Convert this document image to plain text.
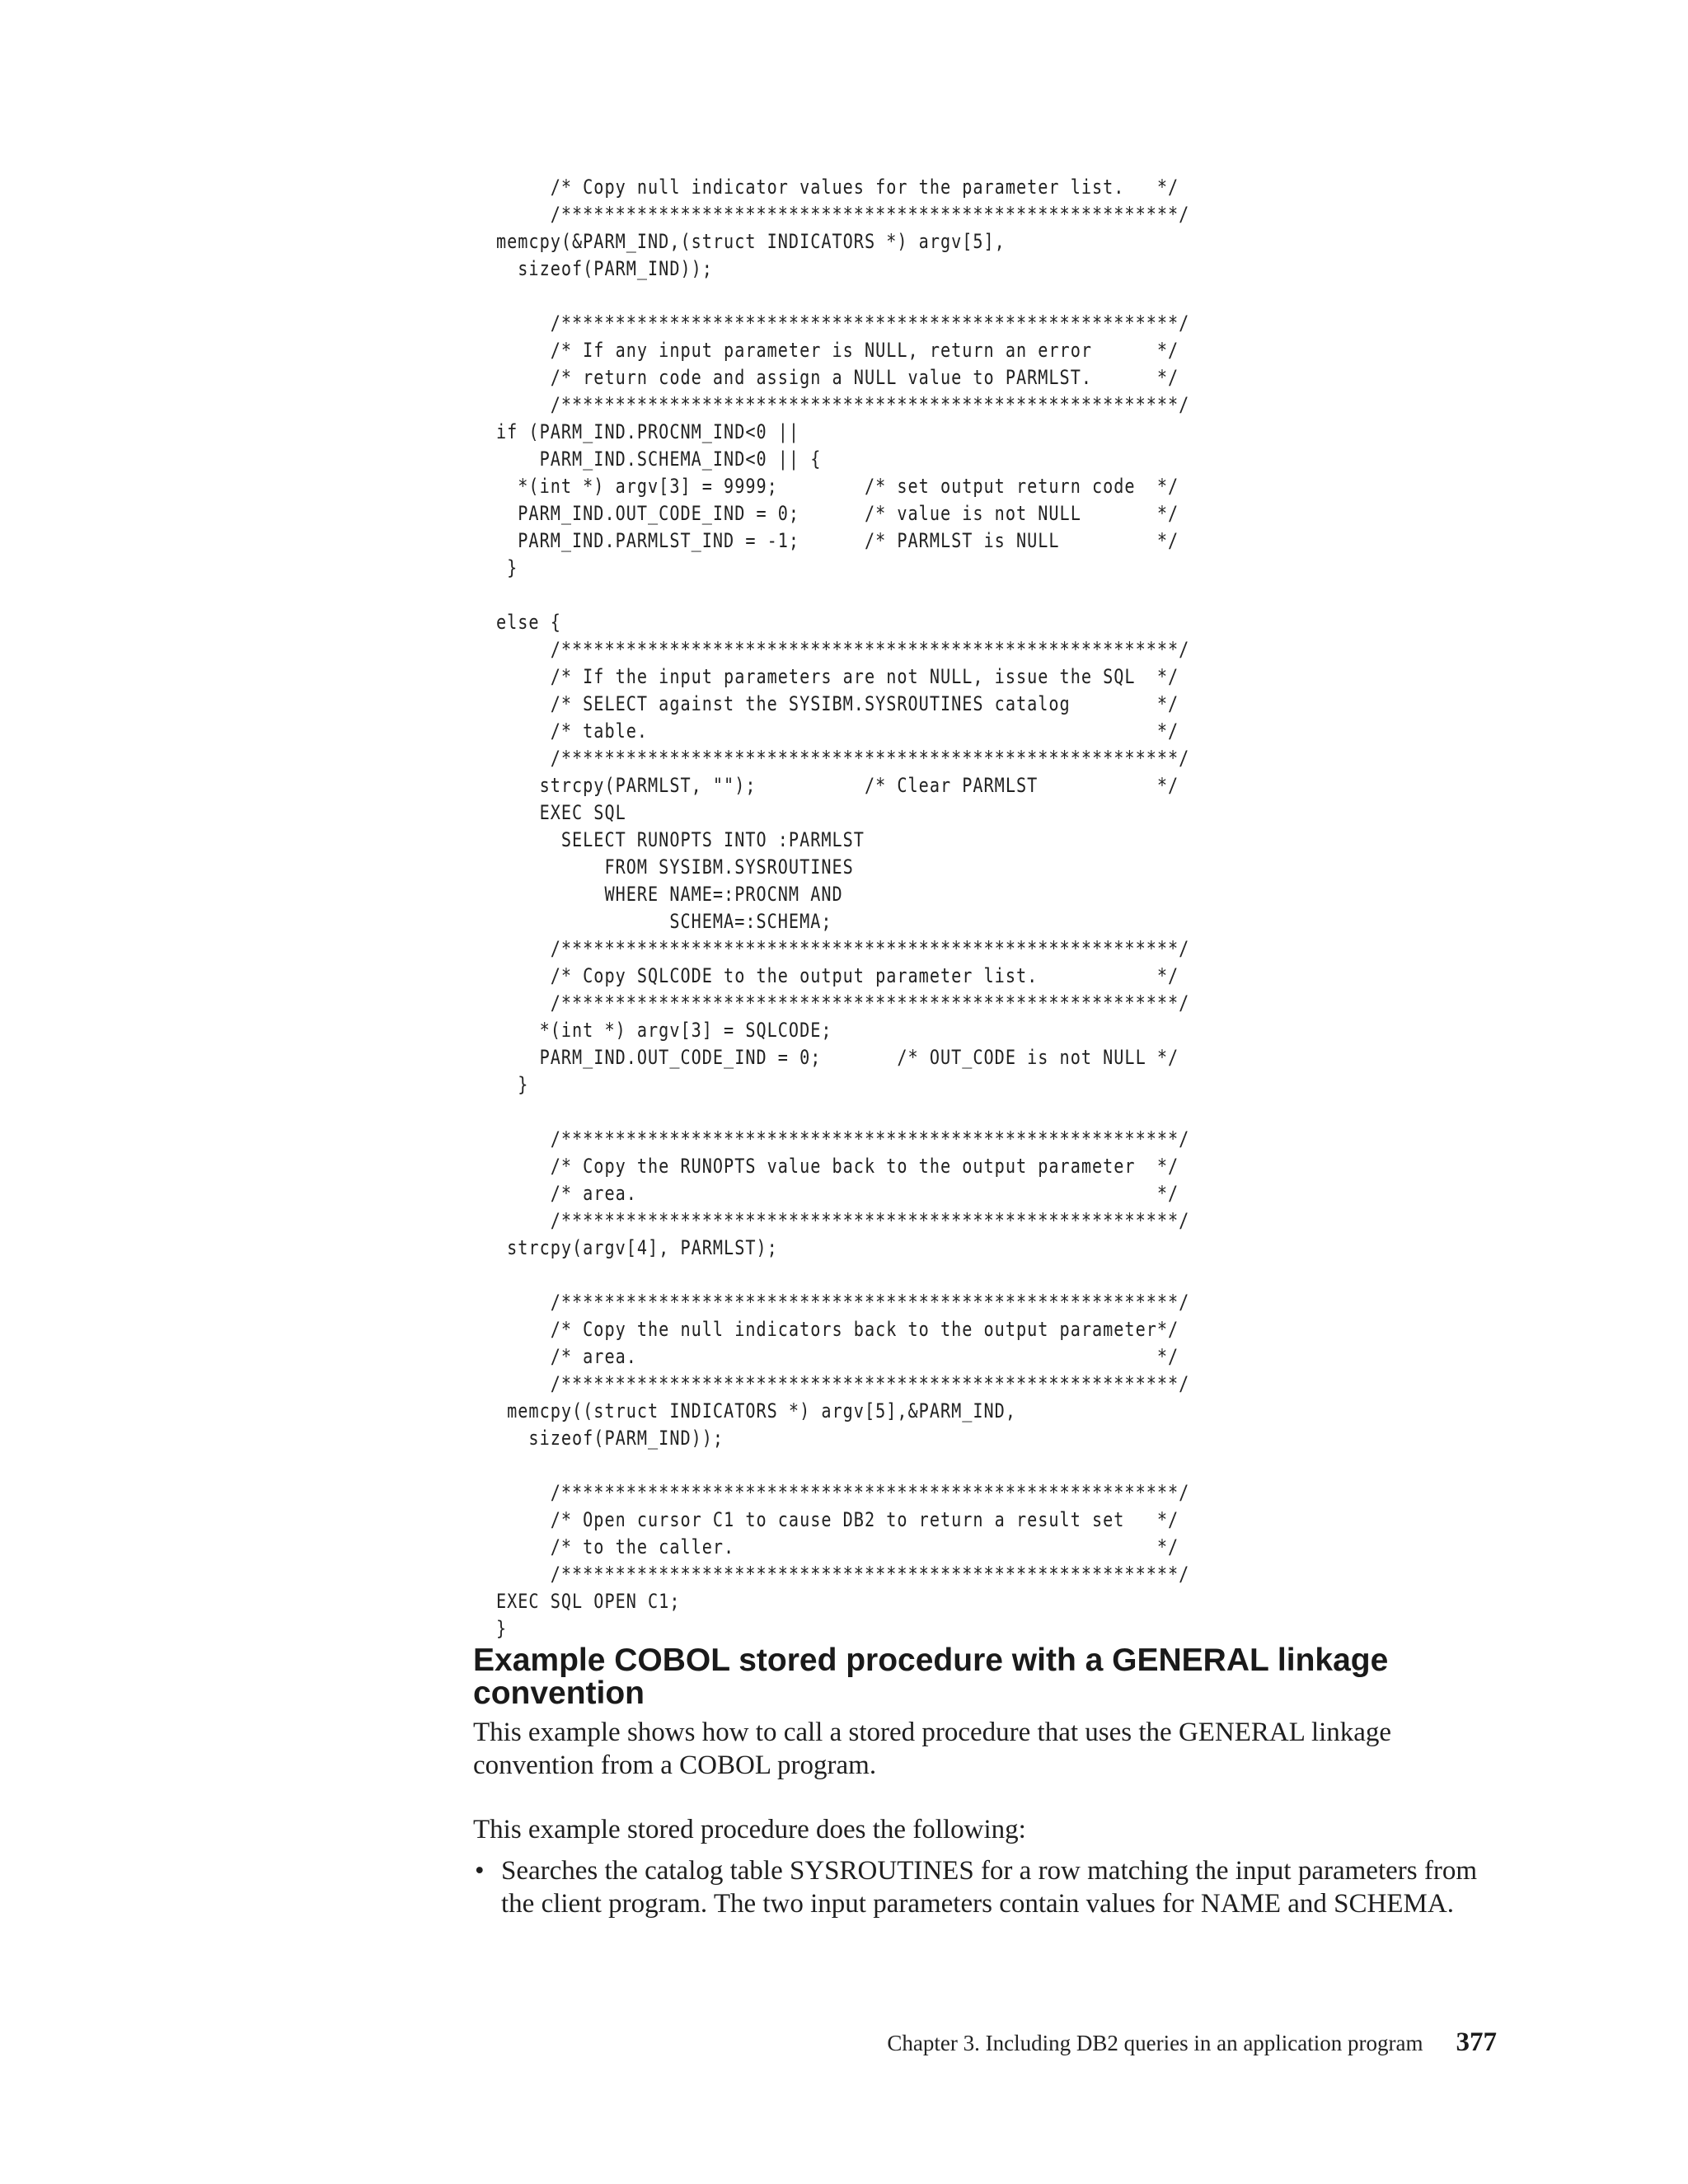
/* Copy null indicator values for the parameter list.   */
/*********************************************************/
memcpy(&PARM_IND,(struct INDICATORS *) argv[5],
sizeof(PARM_IND));
/*********************************************************/
/* If any input parameter is NULL, return an error      */
/* return code and assign a NULL value to PARMLST.      */
/*********************************************************/
if (PARM_IND.PROCNM_IND<0 ||
PARM_IND.SCHEMA_IND<0 || {
*(int *) argv[3] = 9999;        /* set output return code  */
PARM_IND.OUT_CODE_IND = 0;      /* value is not NULL       */
PARM_IND.PARMLST_IND = -1;      /* PARMLST is NULL         */
}
else {
/*********************************************************/
/* If the input parameters are not NULL, issue the SQL  */
/* SELECT against the SYSIBM.SYSROUTINES catalog        */
/* table.                                               */
/*********************************************************/
strcpy(PARMLST, "");          /* Clear PARMLST           */
EXEC SQL
SELECT RUNOPTS INTO :PARMLST
FROM SYSIBM.SYSROUTINES
WHERE NAME=:PROCNM AND
SCHEMA=:SCHEMA;
/*********************************************************/
/* Copy SQLCODE to the output parameter list.           */
/*********************************************************/
*(int *) argv[3] = SQLCODE;
PARM_IND.OUT_CODE_IND = 0;       /* OUT_CODE is not NULL */
}
/*********************************************************/
/* Copy the RUNOPTS value back to the output parameter  */
/* area.                                                */
/*********************************************************/
strcpy(argv[4], PARMLST);
/*********************************************************/
/* Copy the null indicators back to the output parameter*/
/* area.                                                */
/*********************************************************/
memcpy((struct INDICATORS *) argv[5],&PARM_IND,
sizeof(PARM_IND));
/*********************************************************/
/* Open cursor C1 to cause DB2 to return a result set   */
/* to the caller.                                       */
/*********************************************************/
EXEC SQL OPEN C1;
}
Example COBOL stored procedure with a GENERAL linkage convention

This example shows how to call a stored procedure that uses the GENERAL linkage convention from a COBOL program.

This example stored procedure does the following:

• Searches the catalog table SYSROUTINES for a row matching the input parameters from the client program. The two input parameters contain values for NAME and SCHEMA.
Chapter 3. Including DB2 queries in an application program 377
